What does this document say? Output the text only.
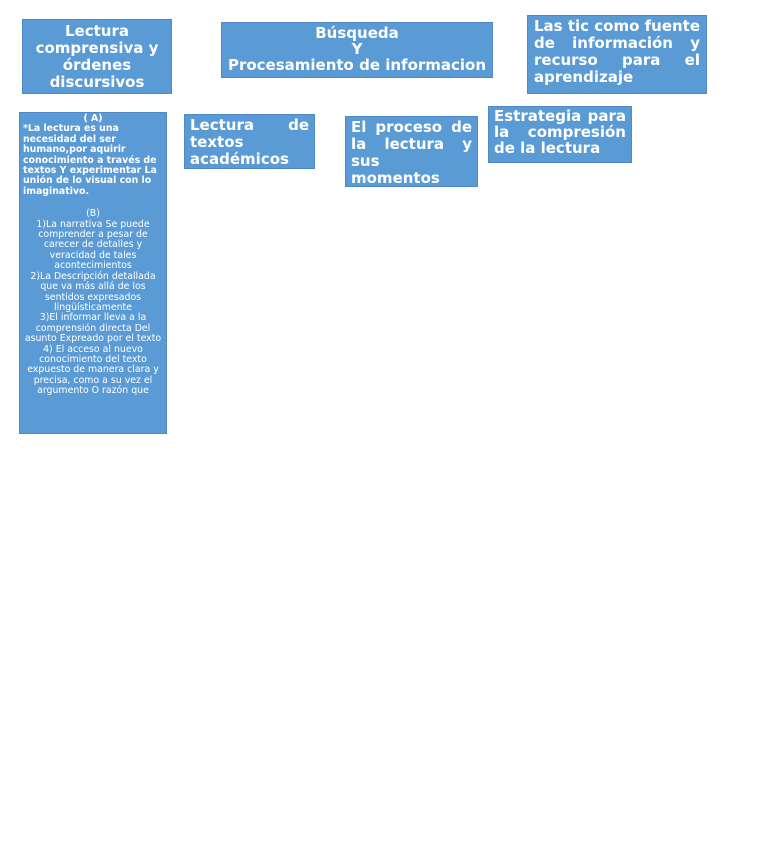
Lectura comprensiva y órdenes discursivos
Búsqueda
Y
Procesamiento de informacion
Las tic como fuente de información y recurso para el aprendizaje
Lectura de textos académicos
El proceso de la lectura y sus momentos claves
Estrategia para la compresión de la lectura

( A)

*La lectura es una necesidad del ser humano,por aquirir conocimiento a través de textos Y experimentar La unión de lo visual con lo imaginativo.

(B)

1)La narrativa Se puede comprender a pesar de carecer de detalles y veracidad de tales acontecimientos

2)La Descripción detallada que va más allá de los sentidos expresados lingüísticamente

3)El informar lleva a la comprensión directa Del asunto Expreado por el texto

4) El acceso al nuevo conocimiento del texto expuesto de manera clara y precisa, como a su vez el argumento O razón que
